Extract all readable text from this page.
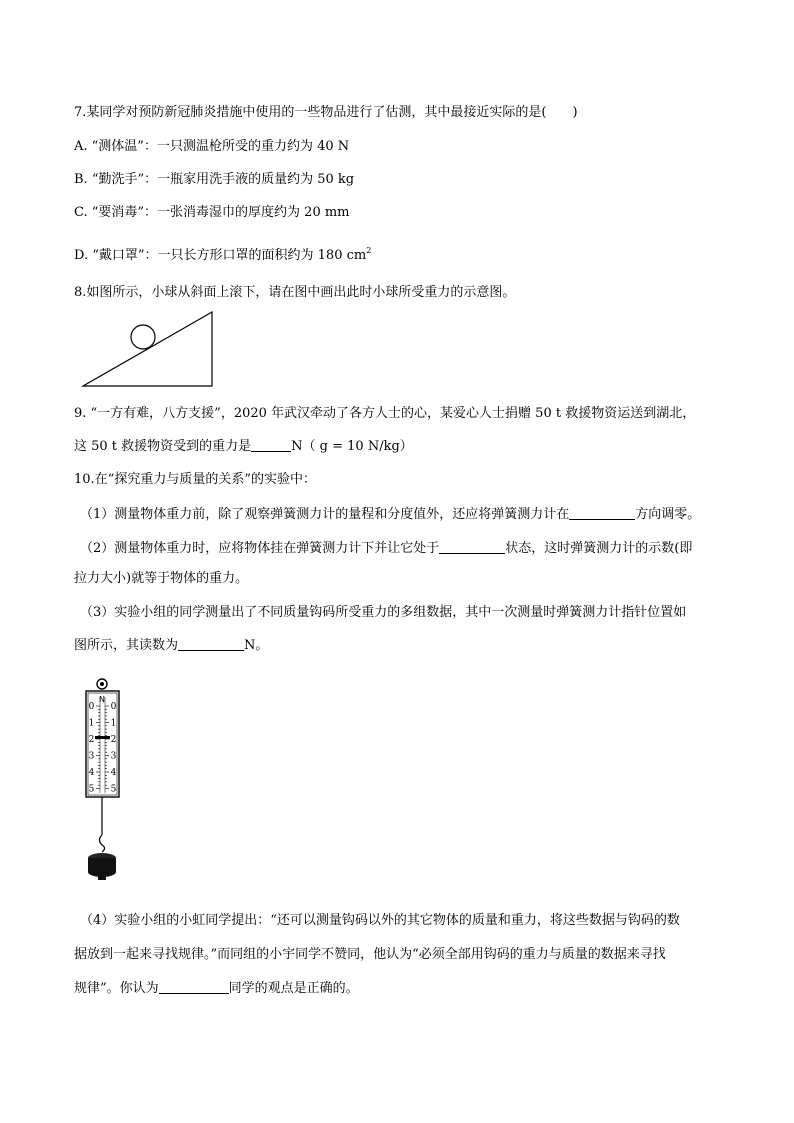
7.某同学对预防新冠肺炎措施中使用的一些物品进行了估测，其中最接近实际的是(　　)
A. “测体温”：一只测温枪所受的重力约为 40 N
B. “勤洗手”：一瓶家用洗手液的质量约为 50 kg
C. “要消毒”：一张消毒湿巾的厚度约为 20 mm
D. “戴口罩”：一只长方形口罩的面积约为 180 $cm^2$
8.如图所示，小球从斜面上滚下，请在图中画出此时小球所受重力的示意图。
9. “一方有难，八方支援”，2020 年武汉牵动了各方人士的心，某爱心人士捐赠 50 t 救援物资运送到湖北，
这 50 t 救援物资受到的重力是	N（ g = 10 N/kg）
10.在“探究重力与质量的关系”的实验中：
（1）测量物体重力前，除了观察弹簧测力计的量程和分度值外，还应将弹簧测力计在	方向调零。
（2）测量物体重力时，应将物体挂在弹簧测力计下并让它处于	状态，这时弹簧测力计的示数(即
拉力大小)就等于物体的重力。
（3）实验小组的同学测量出了不同质量钩码所受重力的多组数据，其中一次测量时弹簧测力计指针位置如
图所示，其读数为	N。
N
0
1
2
3
4
5
0
1
2
3
4
5
（4）实验小组的小虹同学提出：“还可以测量钩码以外的其它物体的质量和重力，将这些数据与钩码的数
据放到一起来寻找规律。”而同组的小宇同学不赞同，他认为“必须全部用钩码的重力与质量的数据来寻找
规律”。你认为	同学的观点是正确的。
